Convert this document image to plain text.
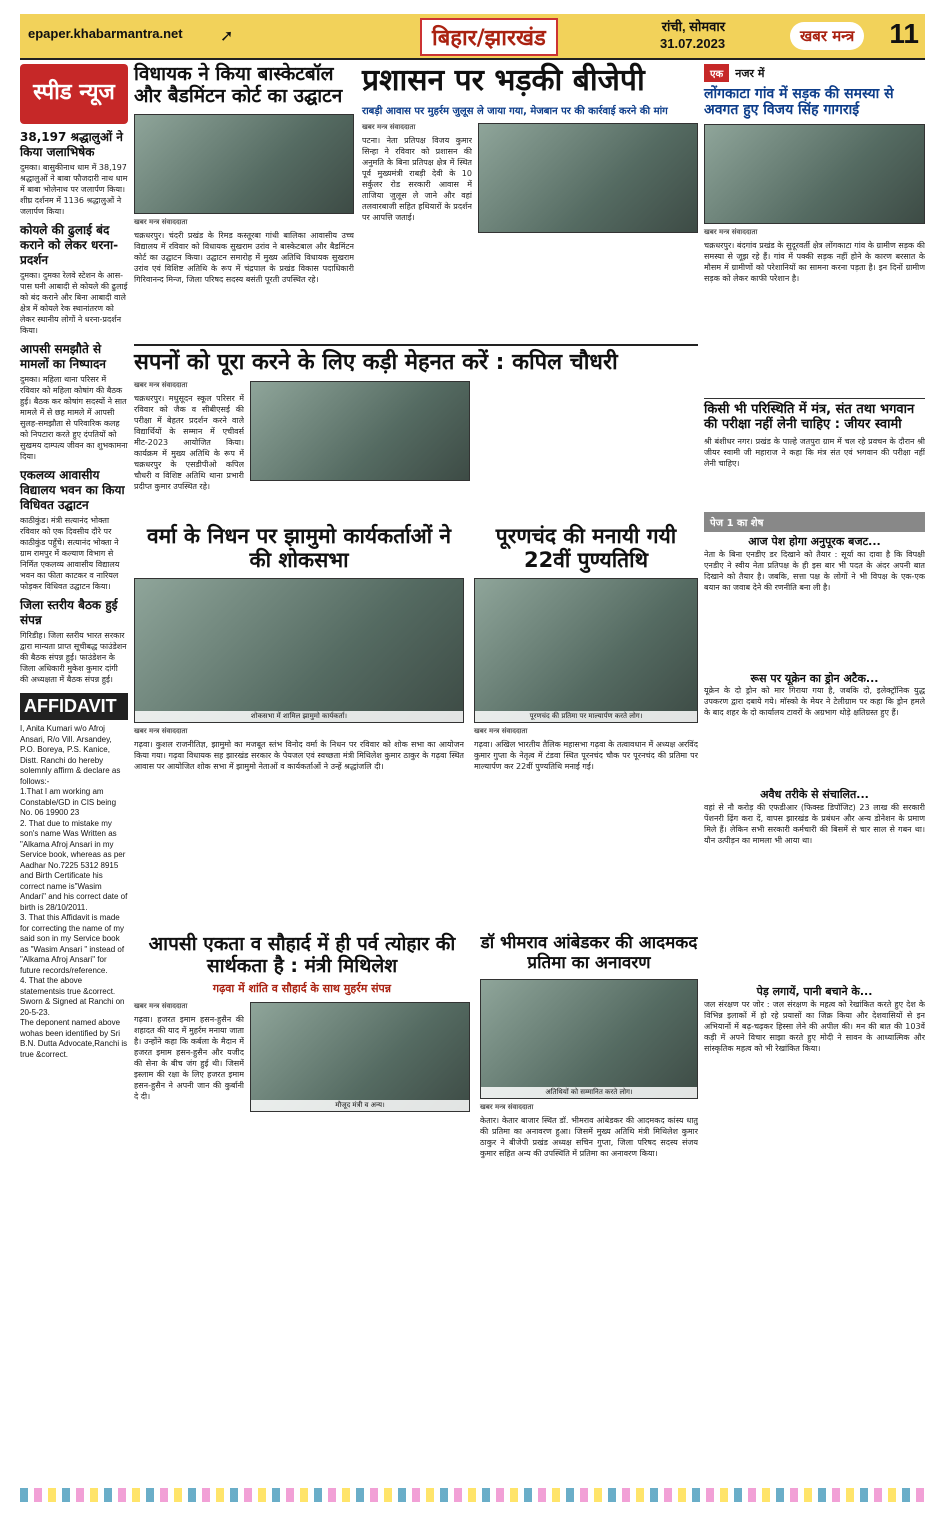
epaper.khabarmantra.net ➚	बिहार/झारखंड	रांची, सोमवार
31.07.2023	खबर मन्त्र	11
स्पीड न्यूज
38,197 श्रद्धालुओं ने किया जलाभिषेक

दुमका। बासुकीनाथ धाम में 38,197 श्रद्धालुओं ने बाबा फौजदारी नाथ धाम में बाबा भोलेनाथ पर जलार्पण किया। शीघ्र दर्शनम में 1136 श्रद्धालुओं ने जलार्पण किया।

कोयले की ढुलाई बंद कराने को लेकर धरना-प्रदर्शन

दुमका। दुमका रेलवे स्टेशन के आस-पास घनी आबादी से कोयले की ढुलाई को बंद कराने और बिना आबादी वाले क्षेत्र में कोयले रेक स्थानांतरण को लेकर स्थानीय लोगों ने धरना-प्रदर्शन किया।

आपसी समझौते से मामलों का निष्पादन

दुमका। महिला थाना परिसर में रविवार को महिला कोषांग की बैठक हुई। बैठक कर कोषांग सदस्यों ने सात मामले में से छह मामले में आपसी सुलह-समझौता से परिवारिक कलह को निपटारा करते हुए दंपतियों को सुखमय दाम्पत्य जीवन का शुभकामना दिया।

एकलव्य आवासीय विद्यालय भवन का किया विधिवत उद्घाटन

काठीकुंड। मंत्री सत्यानंद भोक्ता रविवार को एक दिवसीय दौरे पर काठीकुंड पहुँचे। सत्यानंद भोक्ता ने ग्राम रामपुर में कल्याण विभाग से निर्मित एकलव्य आवासीय विद्यालय भवन का फीता काटकर व नारियल फोड़कर विधिवत उद्घाटन किया।

जिला स्तरीय बैठक हुई संपन्न

गिरिडीह। जिला स्तरीय भारत सरकार द्वारा मान्यता प्राप्त सूचीबद्ध फाउंडेशन की बैठक संपन्न हुई। फाउंडेशन के जिला अधिकारी मुकेश कुमार दांगी की अध्यक्षता में बैठक संपन्न हुई।

AFFIDAVIT
I, Anita Kumari w/o Afroj Ansari, R/o Vill. Arsandey, P.O. Boreya, P.S. Kanice, Distt. Ranchi do hereby solemnly affirm & declare as follows:-
1.That I am working am Constable/GD in CIS being No. 06 19900 23
2. That due to mistake my son's name Was Written as "Alkama Afroj Ansari in my Service book, whereas as per Aadhar No.7225 5312 8915 and Birth Certificate his correct name is"Wasim Andari" and his correct date of birth is 28/10/2011.
3. That this Affidavit is made for correcting the name of my said son in my Service book as "Wasim Ansari " instead of "Alkama Afroj Ansari" for future records/reference.
4. That the above statementsis true &correct.
Sworn & Signed at Ranchi on 20-5-23.
The deponent named above wohas been identified by Sri B.N. Dutta Advocate,Ranchi is true &correct.
विधायक ने किया बास्केटबॉल और बैडमिंटन कोर्ट का उद्घाटन
खबर मन्त्र संवाददाता
चक्रधरपुर। चंदरी प्रखंड के रिमड कस्तूरबा गांधी बालिका आवासीय उच्च विद्यालय में रविवार को विधायक सुखराम उरांव ने बास्केटबाल और बैडमिंटन कोर्ट का उद्घाटन किया। उद्घाटन समारोह में मुख्य अतिथि विधायक सुखराम उरांव एवं विशिष्ट अतिथि के रूप में चंद्रपाल के प्रखंड विकास पदाधिकारी गिरिवानन्द मिन्ज, जिला परिषद सदस्य बसंती पूरती उपस्थित रहे।
प्रशासन पर भड़की बीजेपी
राबड़ी आवास पर मुहर्रम जुलूस ले जाया गया, मेजबान पर की कार्रवाई करने की मांग
खबर मन्त्र संवाददाता
पटना। नेता प्रतिपक्ष विजय कुमार सिन्हा ने रविवार को प्रशासन की अनुमति के बिना प्रतिपक्ष क्षेत्र में स्थित पूर्व मुख्यमंत्री राबड़ी देवी के 10 सर्कुलर रोड सरकारी आवास में ताजिया जुलूस ले जाने और वहां तलवारबाजी सहित हथियारों के प्रदर्शन पर आपत्ति जताई।
सपनों को पूरा करने के लिए कड़ी मेहनत करें : कपिल चौधरी
खबर मन्त्र संवाददाता
चक्रधरपुर। मधुसूदन स्कूल परिसर में रविवार को जैक व सीबीएसई की परीक्षा में बेहतर प्रदर्शन करने वाले विद्यार्थियों के सम्मान में एचीवर्स मीट-2023 आयोजित किया। कार्यक्रम में मुख्य अतिथि के रूप में चक्रधरपुर के एसडीपीओ कपिल चौधरी व विशिष्ट अतिथि थाना प्रभारी प्रदीप्त कुमार उपस्थित रहे।
वर्मा के निधन पर झामुमो कार्यकर्ताओं ने की शोकसभा
शोकसभा में शामिल झामुमो कार्यकर्ता।
खबर मन्त्र संवाददाता
गढ़वा। कुशल राजनीतिज्ञ, झामुमो का मजबूत स्तंभ विनोद वर्मा के निधन पर रविवार को शोक सभा का आयोजन किया गया। गढ़वा विधायक सह झारखंड सरकार के पेयजल एवं स्वच्छता मंत्री मिथिलेश कुमार ठाकुर के गढ़वा स्थित आवास पर आयोजित शोक सभा में झामुमो नेताओं व कार्यकर्ताओं ने उन्हें श्रद्धांजलि दी।
पूरणचंद की मनायी गयी 22वीं पुण्यतिथि
पूरणचंद की प्रतिमा पर माल्यार्पण करते लोग।
खबर मन्त्र संवाददाता
गढ़वा। अखिल भारतीय तैलिक महासभा गढ़वा के तत्वावधान में अध्यक्ष अरविंद कुमार गुप्ता के नेतृत्व में टंडवा स्थित पूरनचंद चौक पर पूरनचंद की प्रतिमा पर माल्यार्पण कर 22वीं पुण्यतिथि मनाई गई।
आपसी एकता व सौहार्द में ही पर्व त्योहार की सार्थकता है : मंत्री मिथिलेश
गढ़वा में शांति व सौहार्द के साथ मुहर्रम संपन्न
खबर मन्त्र संवाददाता
गढ़वा। हजरत इमाम हसन-हुसैन की शहादत की याद में मुहर्रम मनाया जाता है। उन्होंने कहा कि कर्बला के मैदान में हजरत इमाम हसन-हुसैन और यजीद की सेना के बीच जंग हुई थी। जिसमें इस्लाम की रक्षा के लिए हजरत इमाम हसन-हुसैन ने अपनी जान की कुर्बानी दे दी।
मौजूद मंत्री व अन्य।
डॉ भीमराव आंबेडकर की आदमकद प्रतिमा का अनावरण
अतिथियों को सम्मानित करते लोग।
खबर मन्त्र संवाददाता
केतार। केतार बाजार स्थित डॉ. भीमराव आंबेडकर की आदमकद कांस्य धातु की प्रतिमा का अनावरण हुआ। जिसमें मुख्य अतिथि मंत्री मिथिलेश कुमार ठाकुर ने बीजेपी प्रखंड अध्यक्ष सचिन गुप्ता, जिला परिषद सदस्य संजय कुमार सहित अन्य की उपस्थिति में प्रतिमा का अनावरण किया।
एक	नजर में
लोंगकाटा गांव में सड़क की समस्या से अवगत हुए विजय सिंह गागराई
खबर मन्त्र संवाददाता
चक्रधरपुर। बंदगांव प्रखंड के सुदूरवर्ती क्षेत्र लोंगकाटा गांव के ग्रामीण सड़क की समस्या से जूझ रहे हैं। गांव में पक्की सड़क नहीं होने के कारण बरसात के मौसम में ग्रामीणों को परेशानियों का सामना करना पड़ता है। इन दिनों ग्रामीण सड़क को लेकर काफी परेशान है।
किसी भी परिस्थिति में मंत्र, संत तथा भगवान की परीक्षा नहीं लेनी चाहिए : जीयर स्वामी
श्री बंशीधर नगर। प्रखंड के पाल्हे जतपुरा ग्राम में चल रहे प्रवचन के दौरान श्री जीयर स्वामी जी महाराज ने कहा कि मंत्र संत एवं भगवान की परीक्षा नहीं लेनी चाहिए।
पेज 1 का शेष
आज पेश होगा अनुपूरक बजट...
नेता के बिना एनडीए डर दिखाने को तैयार : सूर्या का दावा है कि विपक्षी एनडीए ने स्वीय नेता प्रतिपक्ष के ही इस बार भी पदत के अंदर अपनी बात दिखाने को तैयार है। जबकि, सत्ता पक्ष के लोगों ने भी विपक्ष के एक-एक बयान का जवाब देने की रणनीति बना ली है।
रूस पर यूक्रेन का ड्रोन अटैक...
यूक्रेन के दो ड्रोन को मार गिराया गया है, जबकि दो, इलेक्ट्रॉनिक युद्ध उपकरण द्वारा दबाये गये। मॉस्को के मेयर ने टेलीग्राम पर कहा कि ड्रोन हमले के बाद शहर के दो कार्यालय टावरों के अग्रभाग थोड़े क्षतिग्रस्त हुए हैं।
अवैध तरीके से संचालित...
वहां से नौ करोड़ की एफडीआर (फिक्स्ड डिपॉजिट) 23 लाख की सरकारी पेंशनरी ढ़िंग करा दें, वापस झारखंड के प्रबंधन और अन्य डोनेशन के प्रमाण मिले हैं। लेकिन सभी सरकारी कर्मचारी की बिसमें से चार साल से गबन था। यौन उत्पीड़न का मामला भी आया था।
पेड़ लगायें, पानी बचाने के...
जल संरक्षण पर जोर : जल संरक्षण के महत्व को रेखांकित करते हुए देश के विभिन्न इलाकों में हो रहे प्रयासों का जिक्र किया और देशवासियों से इन अभियानों में बढ़-चढ़कर हिस्सा लेने की अपील की। मन की बात की 103वें कड़ी में अपने विचार साझा करते हुए मोदी ने सावन के आध्यात्मिक और सांस्कृतिक महत्व को भी रेखांकित किया।
